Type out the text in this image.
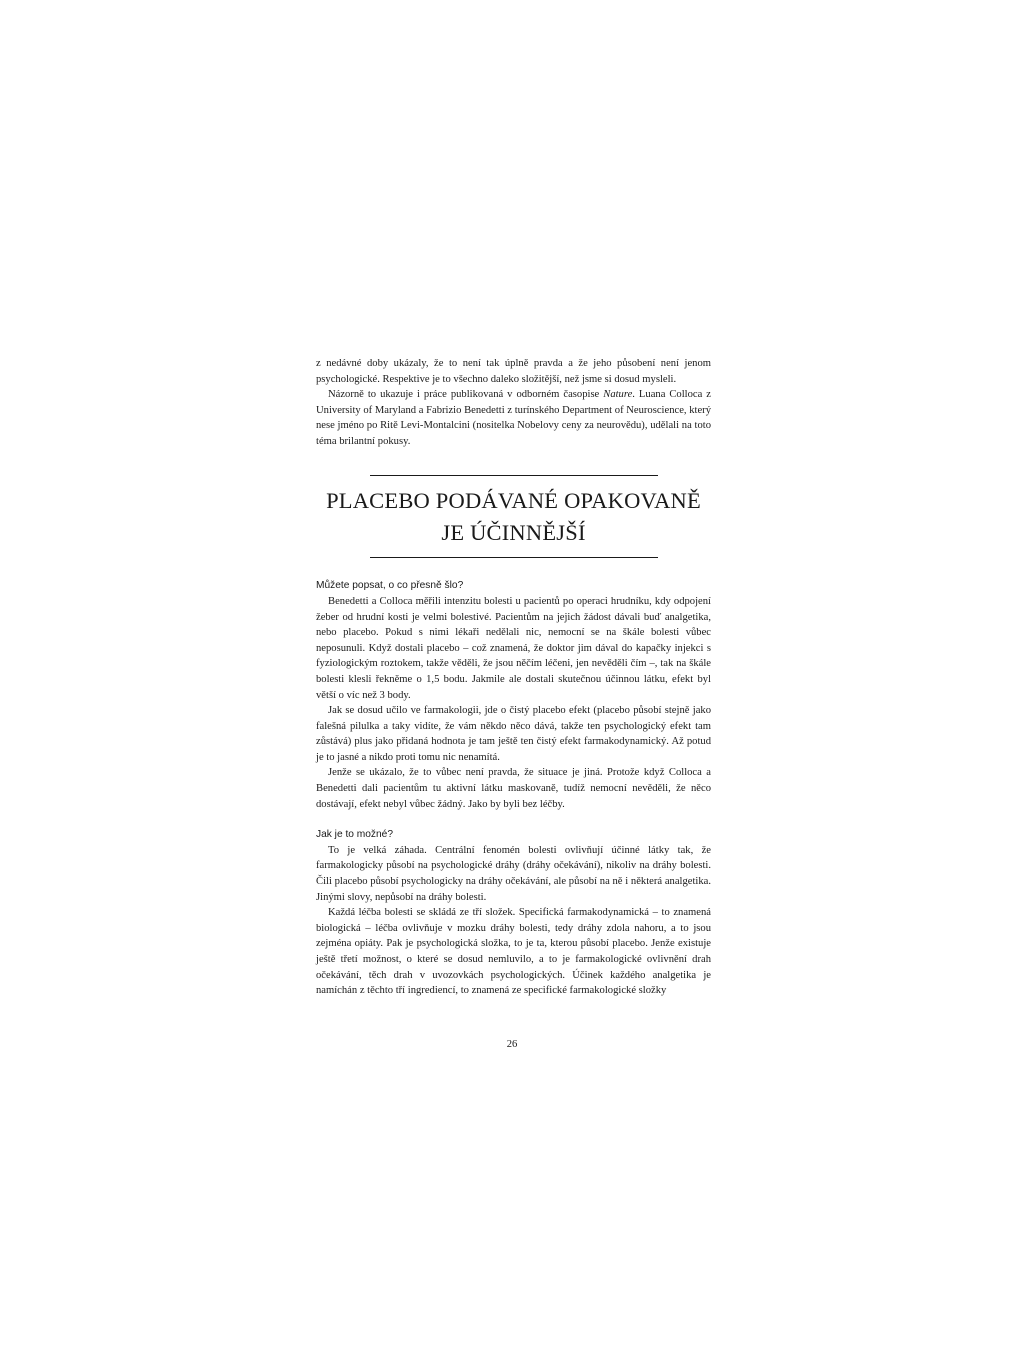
z nedávné doby ukázaly, že to není tak úplně pravda a že jeho působení není jenom psychologické. Respektive je to všechno daleko složitější, než jsme si dosud mysleli.

Názorně to ukazuje i práce publikovaná v odborném časopise Nature. Luana Colloca z University of Maryland a Fabrizio Benedetti z turínského Department of Neuroscience, který nese jméno po Ritě Levi-Montalcini (nositelka Nobelovy ceny za neurovědu), udělali na toto téma brilantní pokusy.

PLACEBO PODÁVANÉ OPAKOVANĚ
JE ÚČINNĚJŠÍ

Můžete popsat, o co přesně šlo?

Benedetti a Colloca měřili intenzitu bolesti u pacientů po operaci hrudníku, kdy odpojení žeber od hrudní kosti je velmi bolestivé. Pacientům na jejich žádost dávali buď analgetika, nebo placebo. Pokud s nimi lékaři nedělali nic, nemocní se na škále bolesti vůbec neposunuli. Když dostali placebo – což znamená, že doktor jim dával do kapačky injekci s fyziologickým roztokem, takže věděli, že jsou něčím léčeni, jen nevěděli čím –, tak na škále bolesti klesli řekněme o 1,5 bodu. Jakmile ale dostali skutečnou účinnou látku, efekt byl větší o víc než 3 body.

Jak se dosud učilo ve farmakologii, jde o čistý placebo efekt (placebo působí stejně jako falešná pilulka a taky vidíte, že vám někdo něco dává, takže ten psychologický efekt tam zůstává) plus jako přidaná hodnota je tam ještě ten čistý efekt farmakodynamický. Až potud je to jasné a nikdo proti tomu nic nenamítá.

Jenže se ukázalo, že to vůbec není pravda, že situace je jiná. Protože když Colloca a Benedetti dali pacientům tu aktivní látku maskovaně, tudíž nemocní nevěděli, že něco dostávají, efekt nebyl vůbec žádný. Jako by byli bez léčby.

Jak je to možné?

To je velká záhada. Centrální fenomén bolesti ovlivňují účinné látky tak, že farmakologicky působí na psychologické dráhy (dráhy očekávání), nikoliv na dráhy bolesti. Čili placebo působí psychologicky na dráhy očekávání, ale působí na ně i některá analgetika. Jinými slovy, nepůsobí na dráhy bolesti.

Každá léčba bolesti se skládá ze tří složek. Specifická farmakodynamická – to znamená biologická – léčba ovlivňuje v mozku dráhy bolesti, tedy dráhy zdola nahoru, a to jsou zejména opiáty. Pak je psychologická složka, to je ta, kterou působí placebo. Jenže existuje ještě třetí možnost, o které se dosud nemluvilo, a to je farmakologické ovlivnění drah očekávání, těch drah v uvozovkách psychologických. Účinek každého analgetika je namíchán z těchto tří ingrediencí, to znamená ze specifické farmakologické složky

26
